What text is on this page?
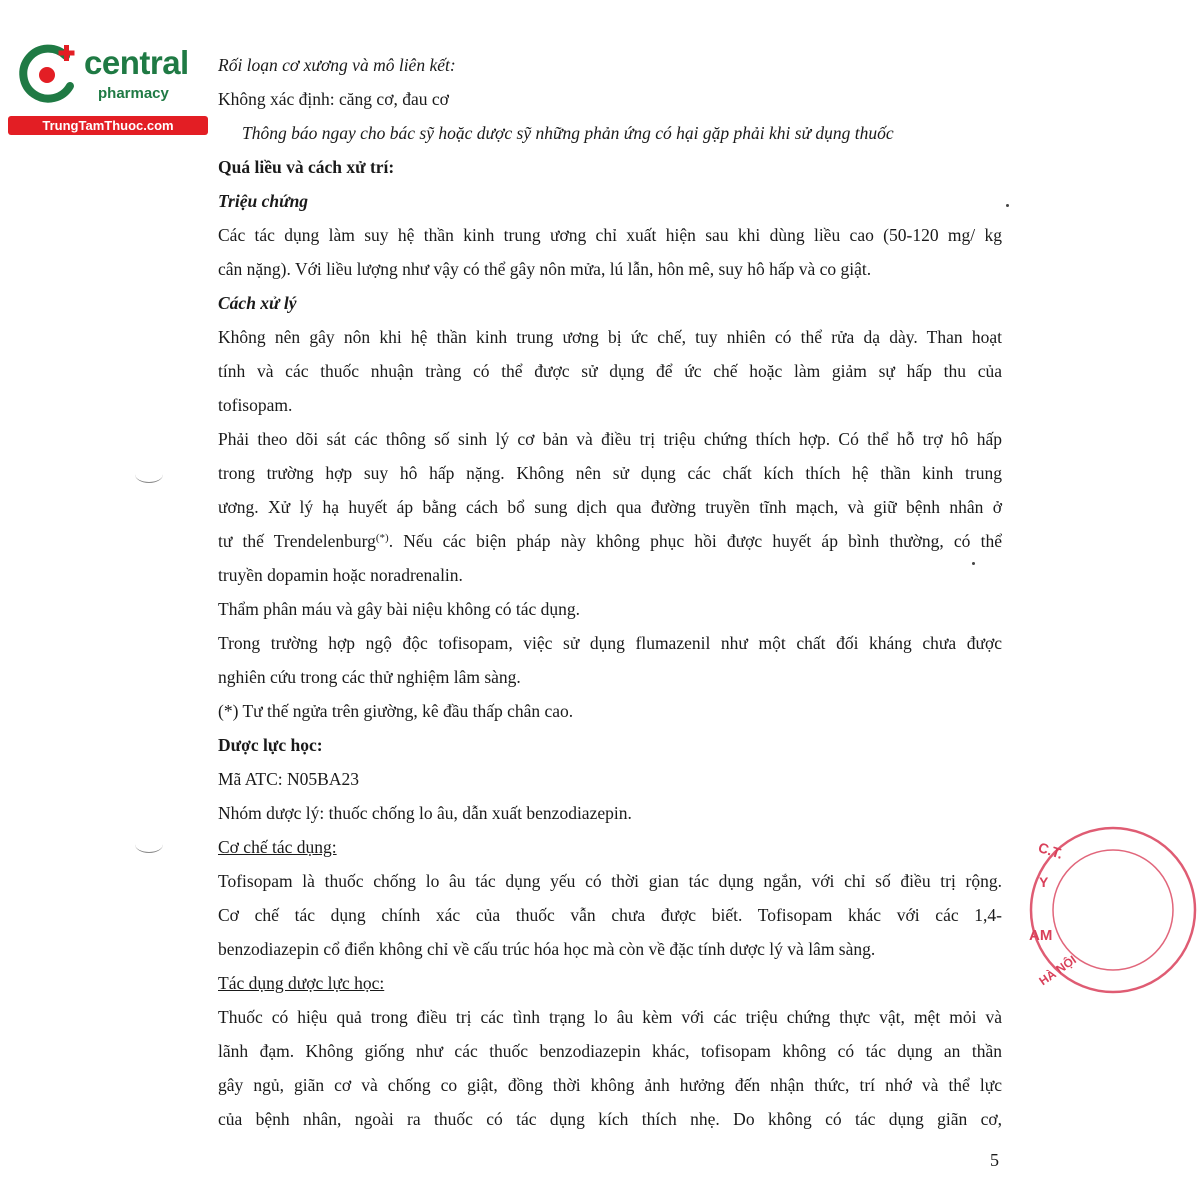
central
pharmacy
TrungTamThuoc.com
Rối loạn cơ xương và mô liên kết:
Không xác định: căng cơ, đau cơ
Thông báo ngay cho bác sỹ hoặc dược sỹ những phản ứng có hại gặp phải khi sử dụng thuốc
Quá liều và cách xử trí:
Triệu chứng
Các tác dụng làm suy hệ thần kinh trung ương chỉ xuất hiện sau khi dùng liều cao (50-120 mg/ kg
cân nặng). Với liều lượng như vậy có thể gây nôn mửa, lú lẫn, hôn mê, suy hô hấp và co giật.
Cách xử lý
Không nên gây nôn khi hệ thần kinh trung ương bị ức chế, tuy nhiên có thể rửa dạ dày. Than hoạt
tính và các thuốc nhuận tràng có thể được sử dụng để ức chế hoặc làm giảm sự hấp thu của
tofisopam.
Phải theo dõi sát các thông số sinh lý cơ bản và điều trị triệu chứng thích hợp. Có thể hỗ trợ hô hấp
trong trường hợp suy hô hấp nặng. Không nên sử dụng các chất kích thích hệ thần kinh trung
ương. Xử lý hạ huyết áp bằng cách bổ sung dịch qua đường truyền tĩnh mạch, và giữ bệnh nhân ở
tư thế Trendelenburg(*). Nếu các biện pháp này không phục hồi được huyết áp bình thường, có thể
truyền dopamin hoặc noradrenalin.
Thẩm phân máu và gây bài niệu không có tác dụng.
Trong trường hợp ngộ độc tofisopam, việc sử dụng flumazenil như một chất đối kháng chưa được
nghiên cứu trong các thử nghiệm lâm sàng.
(*) Tư thế ngửa trên giường, kê đầu thấp chân cao.
Dược lực học:
Mã ATC: N05BA23
Nhóm dược lý: thuốc chống lo âu, dẫn xuất benzodiazepin.
Cơ chế tác dụng:
Tofisopam là thuốc chống lo âu tác dụng yếu có thời gian tác dụng ngắn, với chỉ số điều trị rộng.
Cơ chế tác dụng chính xác của thuốc vẫn chưa được biết. Tofisopam khác với các 1,4-
benzodiazepin cổ điển không chỉ về cấu trúc hóa học mà còn về đặc tính dược lý và lâm sàng.
Tác dụng dược lực học:
Thuốc có hiệu quả trong điều trị các tình trạng lo âu kèm với các triệu chứng thực vật, mệt mỏi và
lãnh đạm. Không giống như các thuốc benzodiazepin khác, tofisopam không có tác dụng an thần
gây ngủ, giãn cơ và chống co giật, đồng thời không ảnh hưởng đến nhận thức, trí nhớ và thể lực
của bệnh nhân, ngoài ra thuốc có tác dụng kích thích nhẹ. Do không có tác dụng giãn cơ,
5
C.T.
Y
AM
HÀ NỘI
